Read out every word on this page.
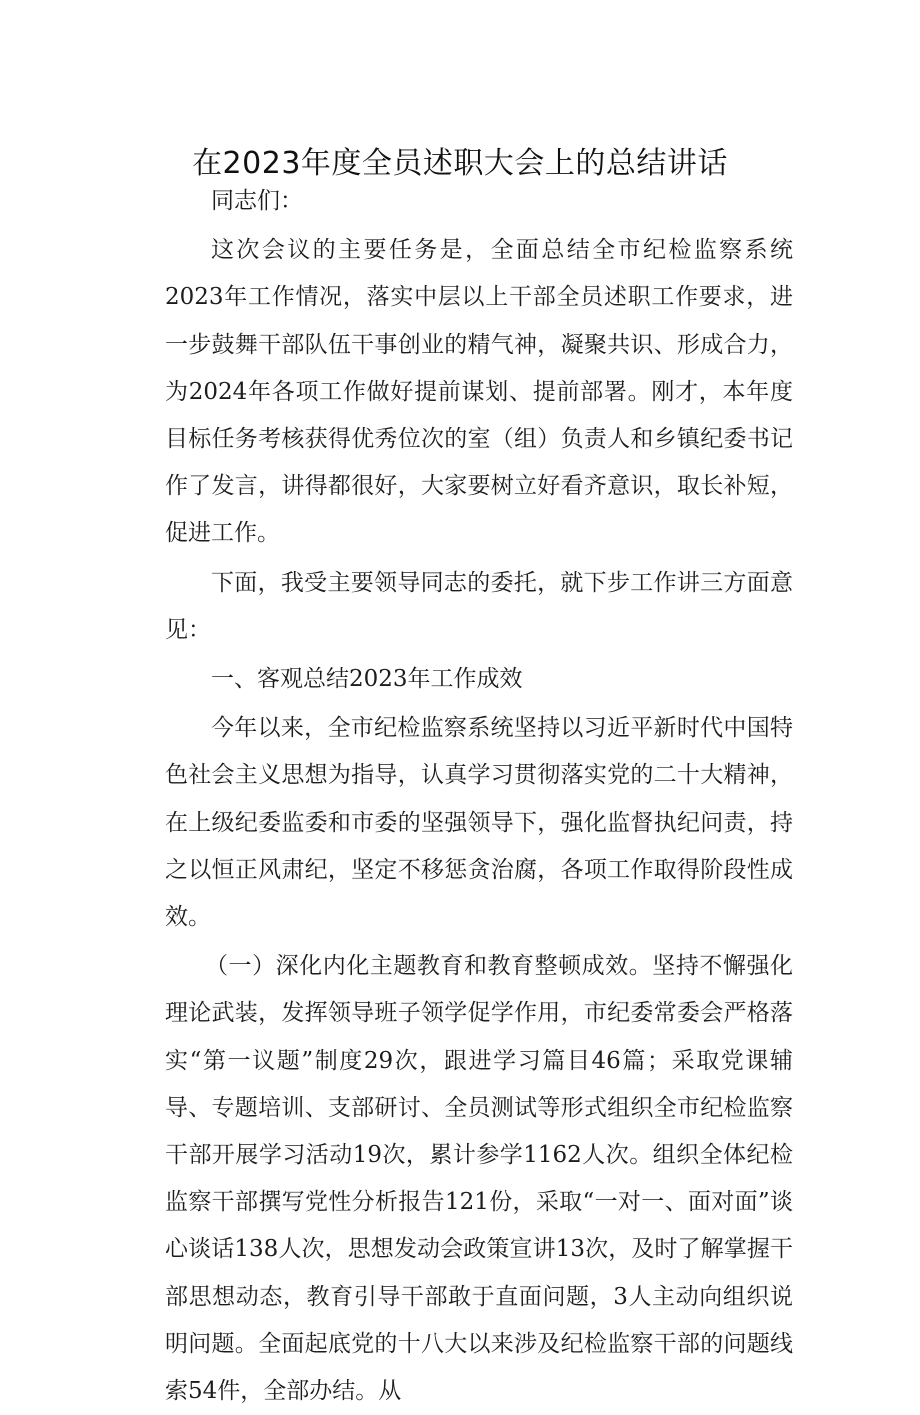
在2023年度全员述职大会上的总结讲话

同志们：

这次会议的主要任务是，全面总结全市纪检监察系统2023年工作情况，落实中层以上干部全员述职工作要求，进一步鼓舞干部队伍干事创业的精气神，凝聚共识、形成合力，为2024年各项工作做好提前谋划、提前部署。刚才，本年度目标任务考核获得优秀位次的室（组）负责人和乡镇纪委书记作了发言，讲得都很好，大家要树立好看齐意识，取长补短，促进工作。

下面，我受主要领导同志的委托，就下步工作讲三方面意见：

一、客观总结2023年工作成效

今年以来，全市纪检监察系统坚持以习近平新时代中国特色社会主义思想为指导，认真学习贯彻落实党的二十大精神，在上级纪委监委和市委的坚强领导下，强化监督执纪问责，持之以恒正风肃纪，坚定不移惩贪治腐，各项工作取得阶段性成效。

（一）深化内化主题教育和教育整顿成效。坚持不懈强化理论武装，发挥领导班子领学促学作用，市纪委常委会严格落实“第一议题”制度29次，跟进学习篇目46篇；采取党课辅导、专题培训、支部研讨、全员测试等形式组织全市纪检监察干部开展学习活动19次，累计参学1162人次。组织全体纪检监察干部撰写党性分析报告121份，采取“一对一、面对面”谈心谈话138人次，思想发动会政策宣讲13次，及时了解掌握干部思想动态，教育引导干部敢于直面问题，3人主动向组织说明问题。全面起底党的十八大以来涉及纪检监察干部的问题线索54件，全部办结。从
